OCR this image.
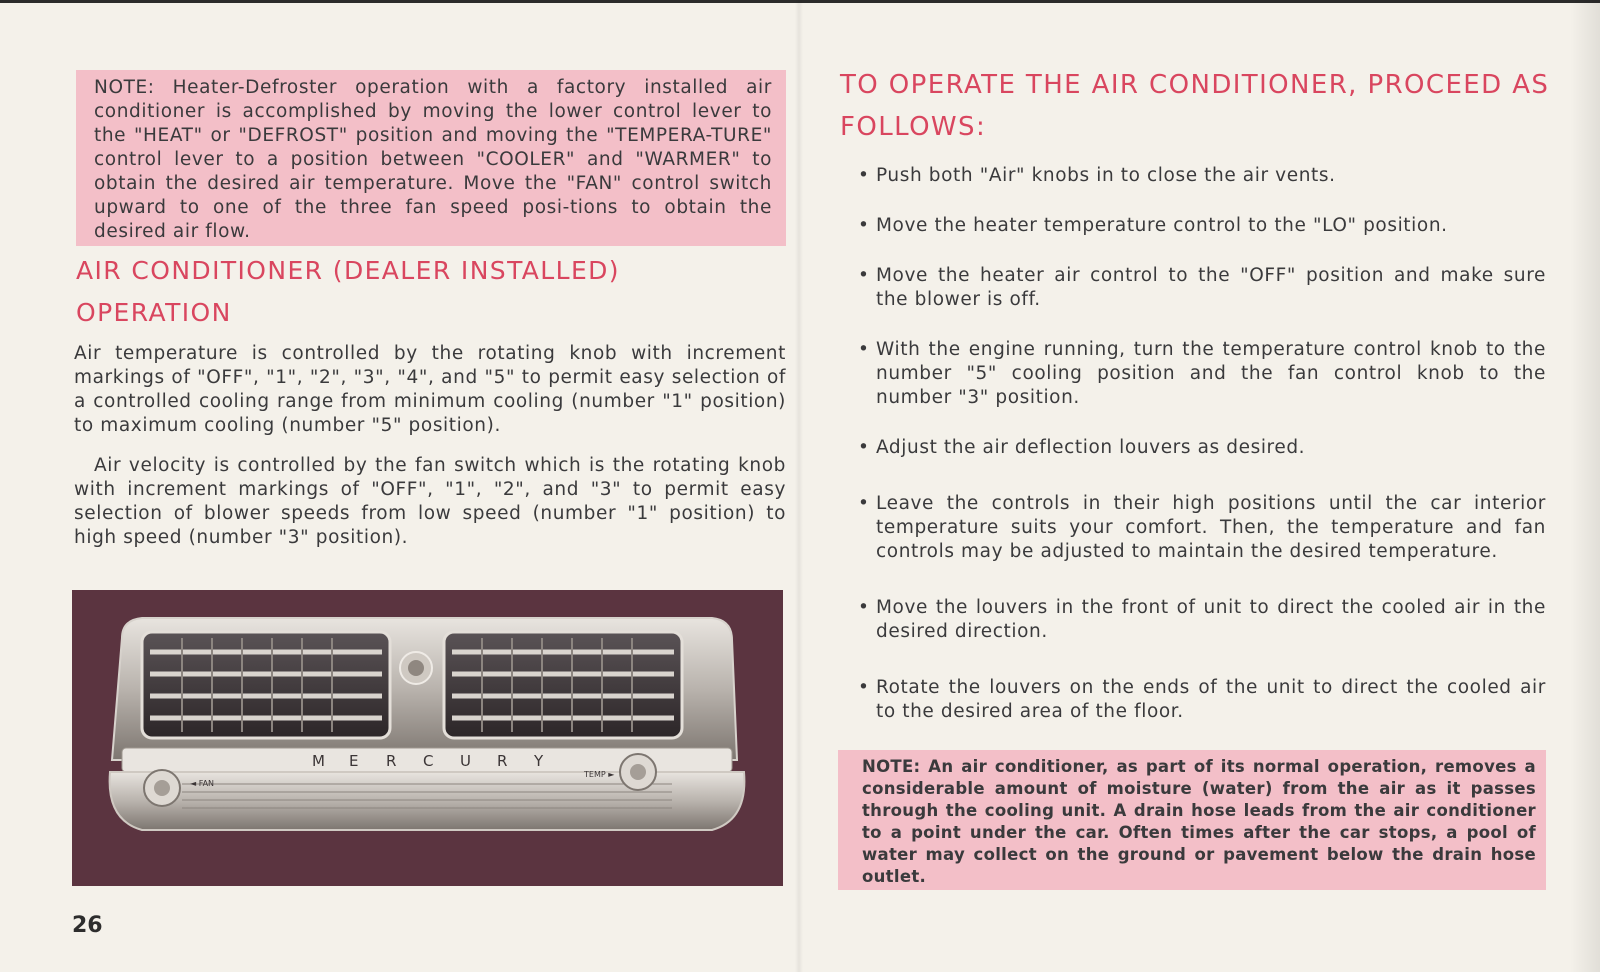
NOTE: Heater-Defroster operation with a factory installed air conditioner is accomplished by moving the lower control lever to the "HEAT" or "DEFROST" position and moving the "TEMPERA-TURE" control lever to a position between "COOLER" and "WARMER" to obtain the desired air temperature. Move the "FAN" control switch upward to one of the three fan speed posi-tions to obtain the desired air flow.
AIR CONDITIONER (DEALER INSTALLED)
OPERATION

Air temperature is controlled by the rotating knob with increment markings of "OFF", "1", "2", "3", "4", and "5" to permit easy selection of a controlled cooling range from minimum cooling (number "1" position) to maximum cooling (number "5" position).

Air velocity is controlled by the fan switch which is the rotating knob with increment markings of "OFF", "1", "2", and "3" to permit easy selection of blower speeds from low speed (number "1" position) to high speed (number "3" position).

M E R C U R Y
◄ FAN
TEMP ►
26
TO OPERATE THE AIR CONDITIONER, PROCEED AS FOLLOWS:
• Push both "Air" knobs in to close the air vents.
• Move the heater temperature control to the "LO" position.
• Move the heater air control to the "OFF" position and make sure the blower is off.
• With the engine running, turn the temperature control knob to the number "5" cooling position and the fan control knob to the number "3" position.
• Adjust the air deflection louvers as desired.
• Leave the controls in their high positions until the car interior temperature suits your comfort. Then, the temperature and fan controls may be adjusted to maintain the desired temperature.
• Move the louvers in the front of unit to direct the cooled air in the desired direction.
• Rotate the louvers on the ends of the unit to direct the cooled air to the desired area of the floor.
NOTE: An air conditioner, as part of its normal operation, removes a considerable amount of moisture (water) from the air as it passes through the cooling unit. A drain hose leads from the air conditioner to a point under the car. Often times after the car stops, a pool of water may collect on the ground or pavement below the drain hose outlet.
